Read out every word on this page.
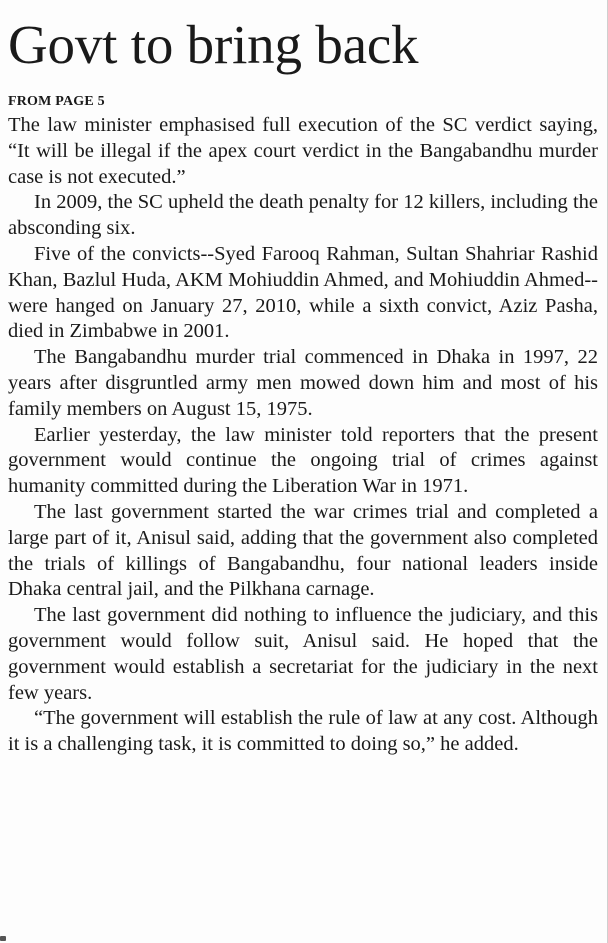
Govt to bring back
FROM PAGE 5

The law minister emphasised full execution of the SC verdict saying, “It will be illegal if the apex court verdict in the Bangabandhu murder case is not executed.”

In 2009, the SC upheld the death penalty for 12 killers, including the absconding six.

Five of the convicts--Syed Farooq Rahman, Sultan Shahriar Rashid Khan, Bazlul Huda, AKM Mohiuddin Ahmed, and Mohiuddin Ahmed--were hanged on January 27, 2010, while a sixth convict, Aziz Pasha, died in Zimbabwe in 2001.

The Bangabandhu murder trial commenced in Dhaka in 1997, 22 years after disgruntled army men mowed down him and most of his family members on August 15, 1975.

Earlier yesterday, the law minister told reporters that the present government would continue the ongoing trial of crimes against humanity committed during the Liberation War in 1971.

The last government started the war crimes trial and completed a large part of it, Anisul said, adding that the government also completed the trials of killings of Bangabandhu, four national leaders inside Dhaka central jail, and the Pilkhana carnage.

The last government did nothing to influence the judiciary, and this government would follow suit, Anisul said. He hoped that the government would establish a secretariat for the judiciary in the next few years.

“The government will establish the rule of law at any cost. Although it is a challenging task, it is committed to doing so,” he added.
